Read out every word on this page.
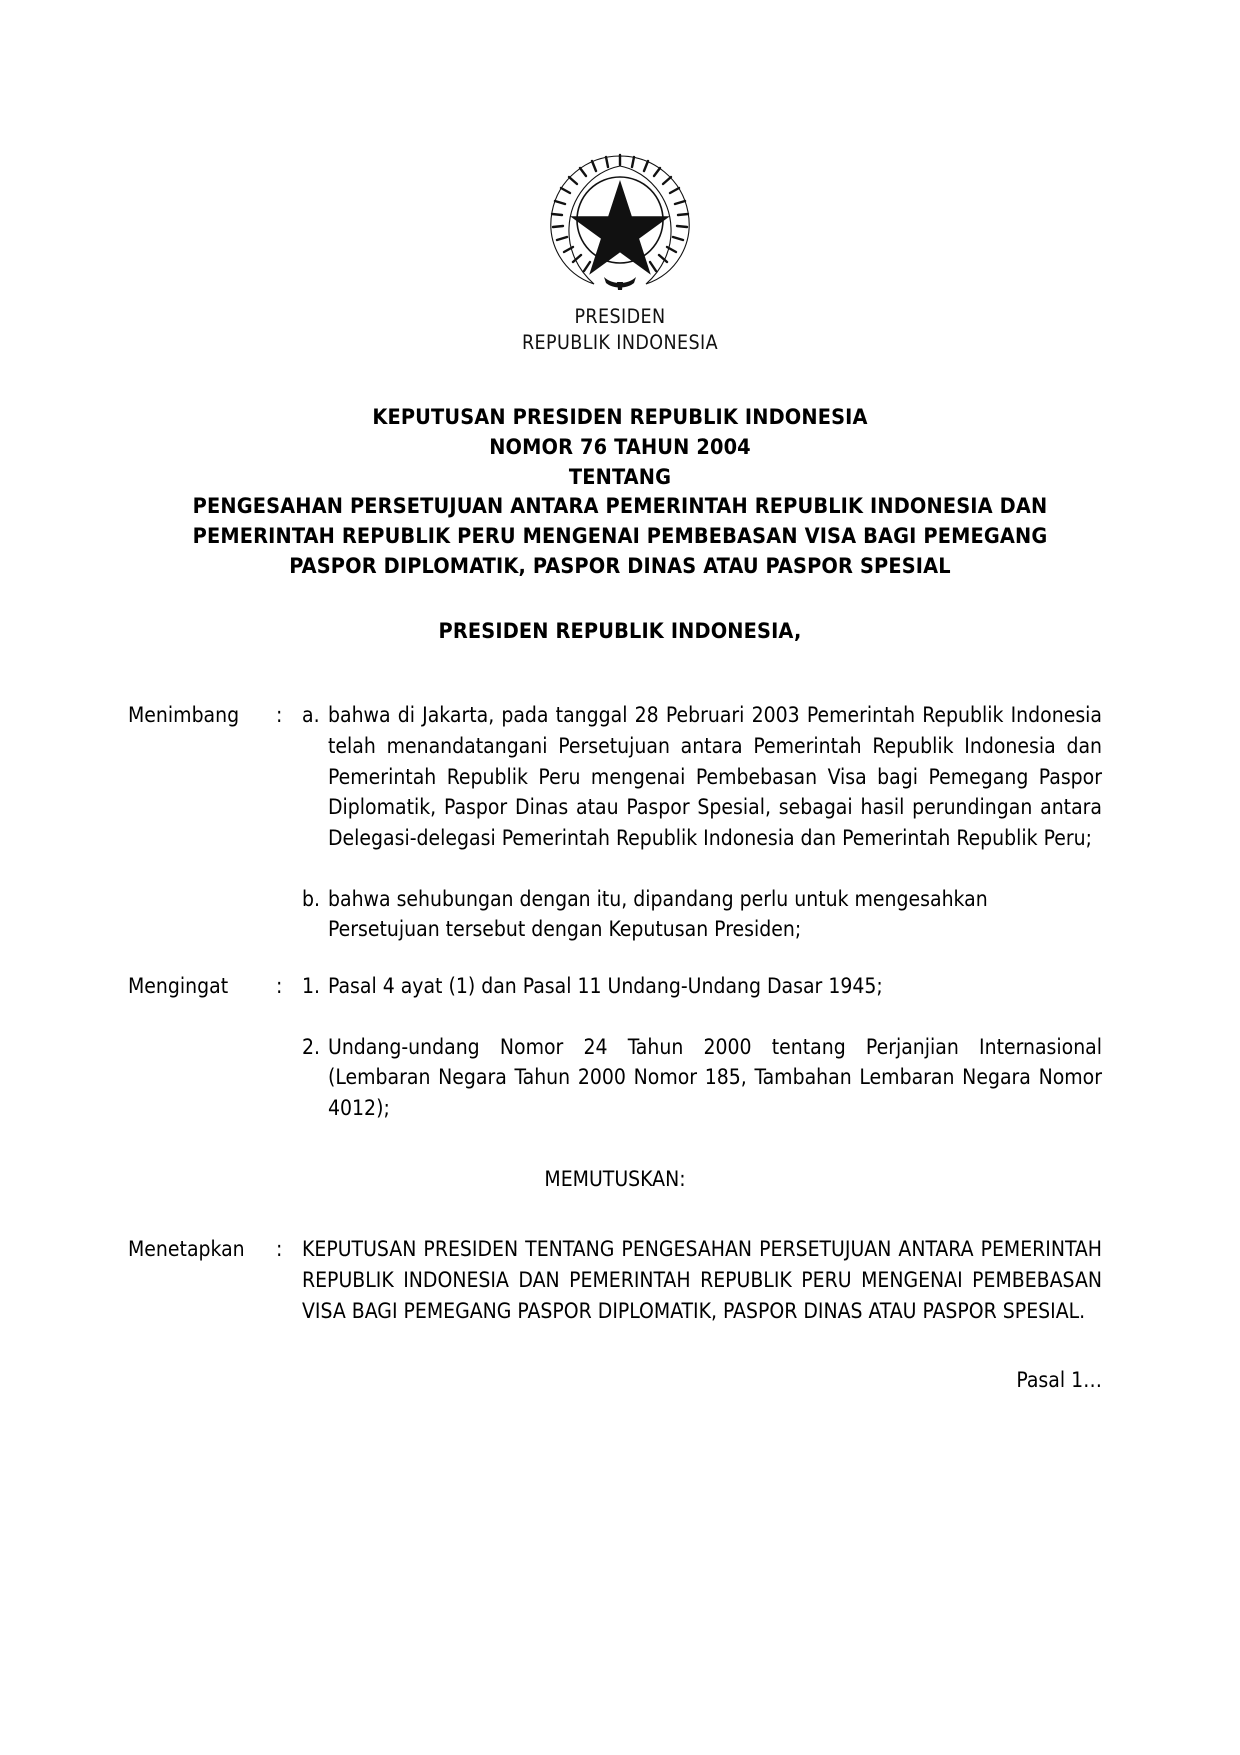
PRESIDEN
REPUBLIK INDONESIA
KEPUTUSAN PRESIDEN REPUBLIK INDONESIA
NOMOR 76 TAHUN 2004
TENTANG
PENGESAHAN PERSETUJUAN ANTARA PEMERINTAH REPUBLIK INDONESIA DAN
PEMERINTAH REPUBLIK PERU MENGENAI PEMBEBASAN VISA BAGI PEMEGANG
PASPOR DIPLOMATIK, PASPOR DINAS ATAU PASPOR SPESIAL
PRESIDEN REPUBLIK INDONESIA,
Menimbang	: a. bahwa di Jakarta, pada tanggal 28 Pebruari 2003 Pemerintah Republik Indonesia telah menandatangani Persetujuan antara Pemerintah Republik Indonesia dan Pemerintah Republik Peru mengenai Pembebasan Visa bagi Pemegang Paspor Diplomatik, Paspor Dinas atau Paspor Spesial, sebagai hasil perundingan antara Delegasi-delegasi Pemerintah Republik Indonesia dan Pemerintah Republik Peru;
b. bahwa sehubungan dengan itu, dipandang perlu untuk mengesahkan Persetujuan tersebut dengan Keputusan Presiden;
Mengingat	: 1. Pasal 4 ayat (1) dan Pasal 11 Undang-Undang Dasar 1945;
2. Undang-undang Nomor 24 Tahun 2000 tentang Perjanjian Internasional (Lembaran Negara Tahun 2000 Nomor 185, Tambahan Lembaran Negara Nomor 4012);
MEMUTUSKAN:
Menetapkan	: KEPUTUSAN PRESIDEN TENTANG PENGESAHAN PERSETUJUAN ANTARA PEMERINTAH REPUBLIK INDONESIA DAN PEMERINTAH REPUBLIK PERU MENGENAI PEMBEBASAN VISA BAGI PEMEGANG PASPOR DIPLOMATIK, PASPOR DINAS ATAU PASPOR SPESIAL.
Pasal 1…
